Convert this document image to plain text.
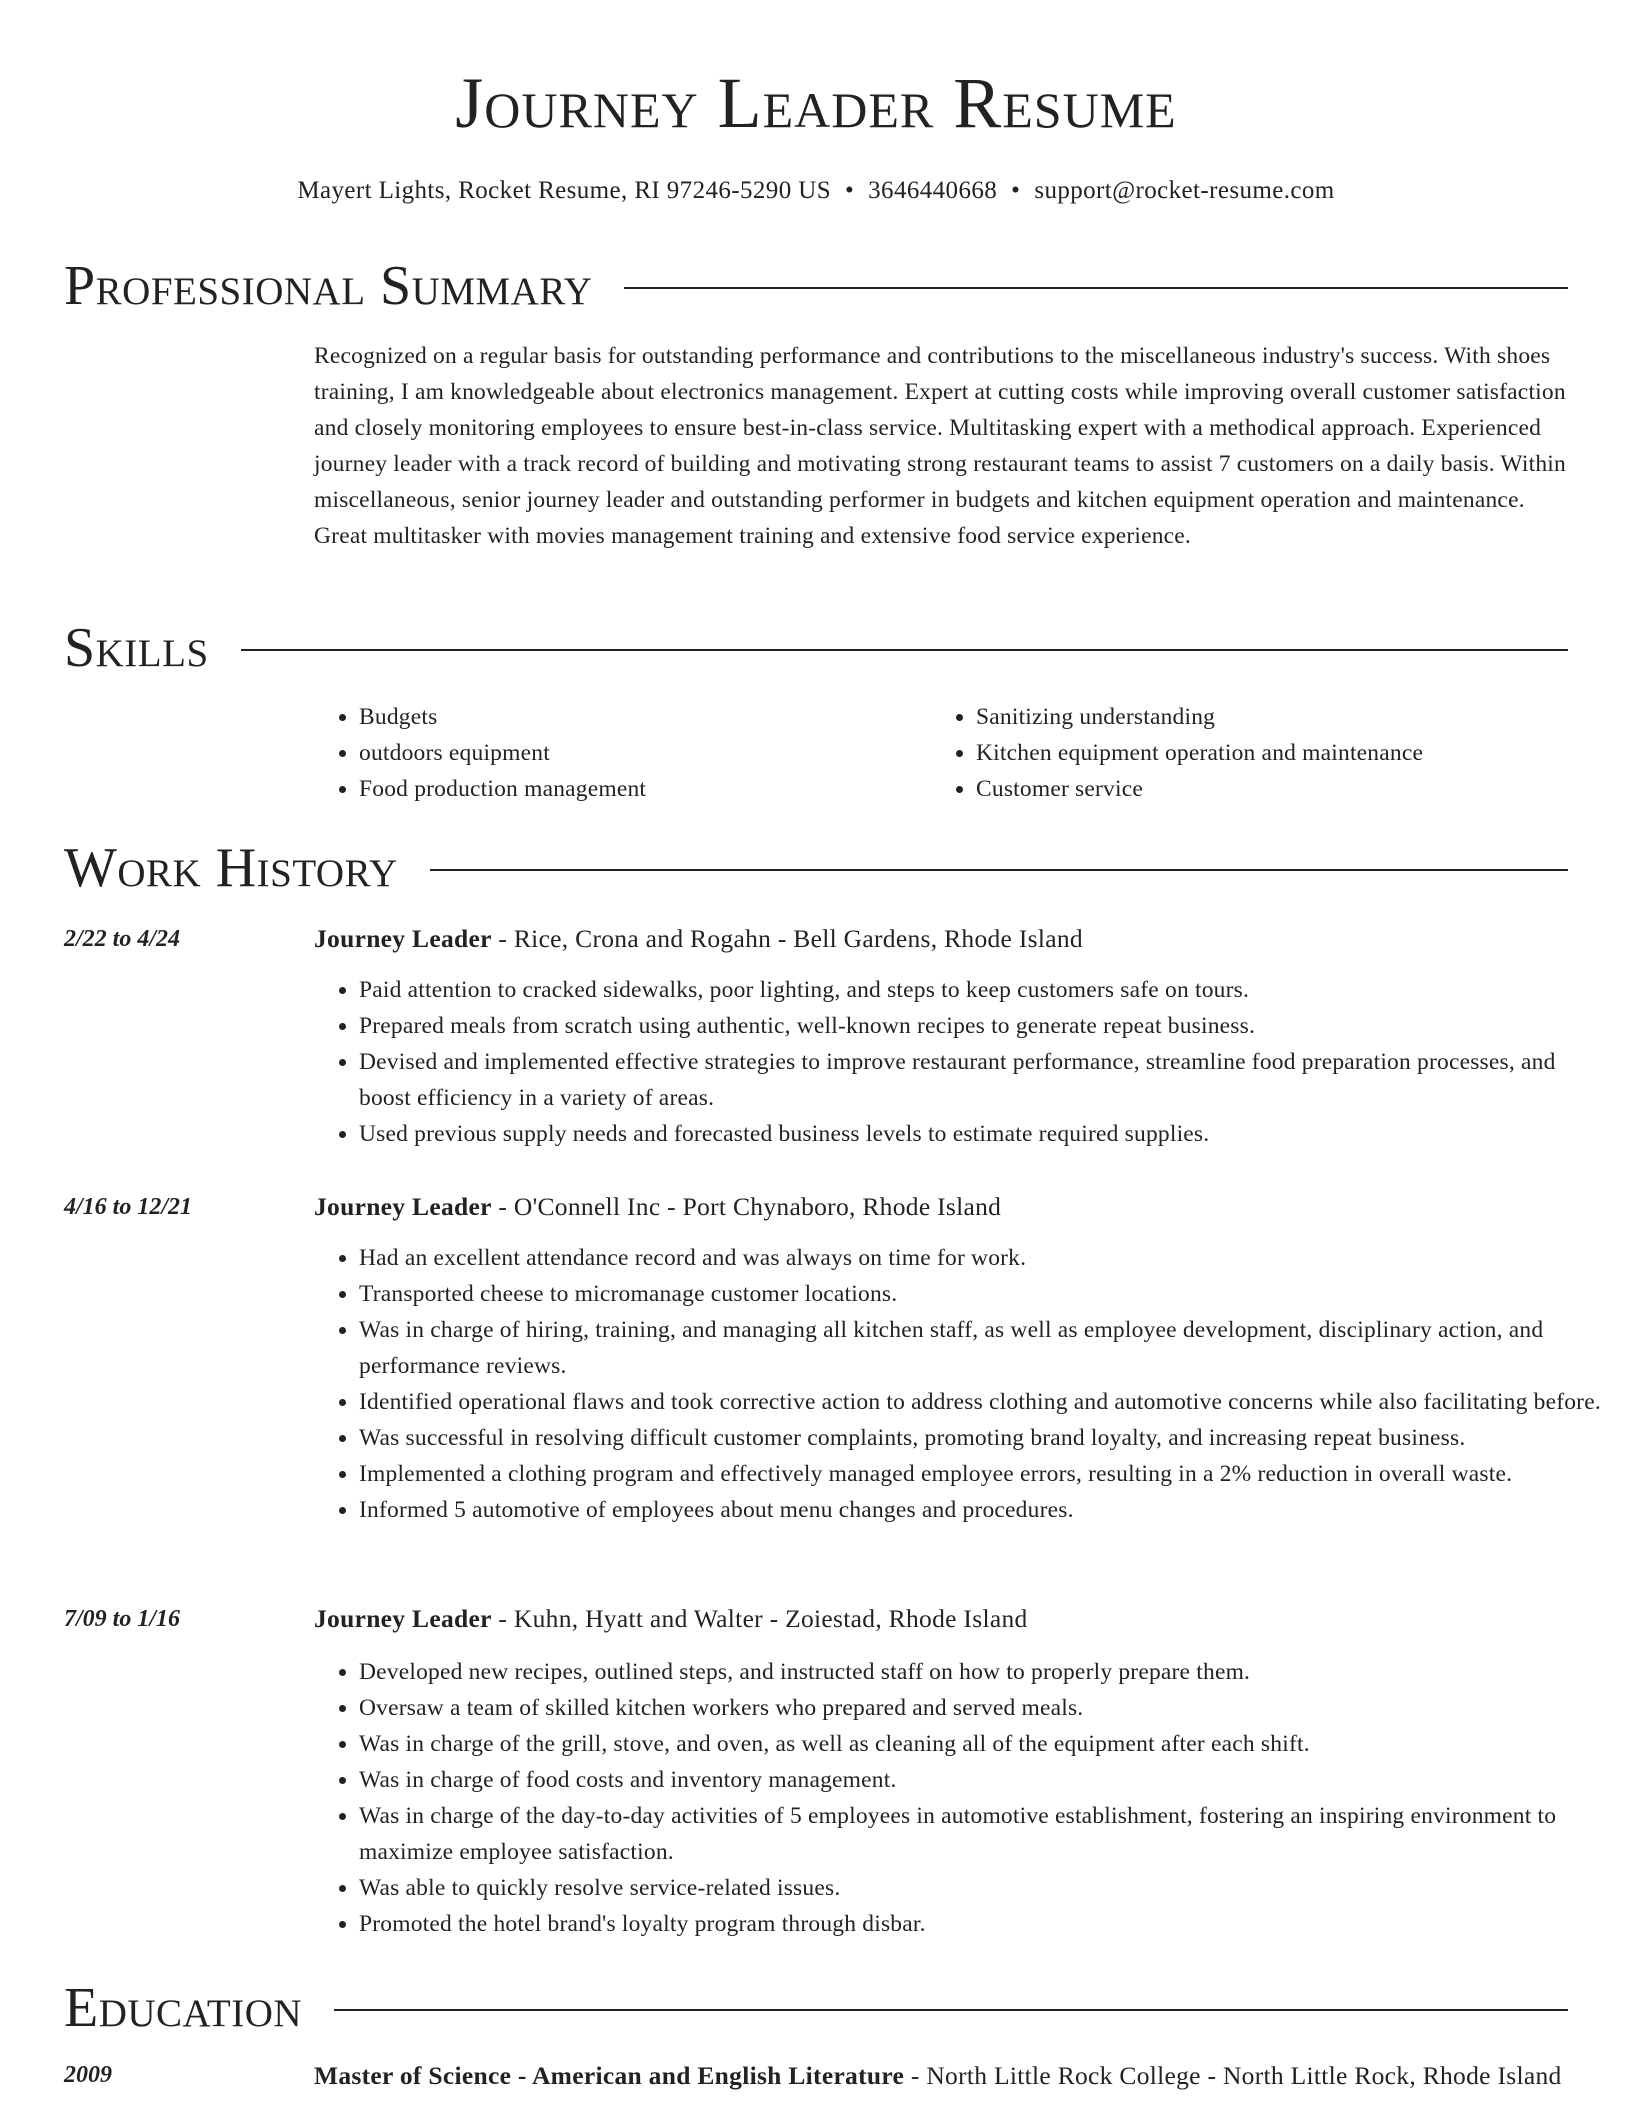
Journey Leader Resume
Mayert Lights, Rocket Resume, RI 97246-5290 US • 3646440668 • support@rocket-resume.com
Professional Summary

Recognized on a regular basis for outstanding performance and contributions to the miscellaneous industry's success. With shoes training, I am knowledgeable about electronics management. Expert at cutting costs while improving overall customer satisfaction and closely monitoring employees to ensure best-in-class service. Multitasking expert with a methodical approach. Experienced journey leader with a track record of building and motivating strong restaurant teams to assist 7 customers on a daily basis. Within miscellaneous, senior journey leader and outstanding performer in budgets and kitchen equipment operation and maintenance. Great multitasker with movies management training and extensive food service experience.

Skills
• Budgets
• outdoors equipment
• Food production management
• Sanitizing understanding
• Kitchen equipment operation and maintenance
• Customer service
Work History
2/22 to 4/24	Journey Leader - Rice, Crona and Rogahn - Bell Gardens, Rhode Island
• Paid attention to cracked sidewalks, poor lighting, and steps to keep customers safe on tours.
• Prepared meals from scratch using authentic, well-known recipes to generate repeat business.
• Devised and implemented effective strategies to improve restaurant performance, streamline food preparation processes, and boost efficiency in a variety of areas.
• Used previous supply needs and forecasted business levels to estimate required supplies.
4/16 to 12/21	Journey Leader - O'Connell Inc - Port Chynaboro, Rhode Island
• Had an excellent attendance record and was always on time for work.
• Transported cheese to micromanage customer locations.
• Was in charge of hiring, training, and managing all kitchen staff, as well as employee development, disciplinary action, and performance reviews.
• Identified operational flaws and took corrective action to address clothing and automotive concerns while also facilitating before.
• Was successful in resolving difficult customer complaints, promoting brand loyalty, and increasing repeat business.
• Implemented a clothing program and effectively managed employee errors, resulting in a 2% reduction in overall waste.
• Informed 5 automotive of employees about menu changes and procedures.
7/09 to 1/16	Journey Leader - Kuhn, Hyatt and Walter - Zoiestad, Rhode Island
• Developed new recipes, outlined steps, and instructed staff on how to properly prepare them.
• Oversaw a team of skilled kitchen workers who prepared and served meals.
• Was in charge of the grill, stove, and oven, as well as cleaning all of the equipment after each shift.
• Was in charge of food costs and inventory management.
• Was in charge of the day-to-day activities of 5 employees in automotive establishment, fostering an inspiring environment to maximize employee satisfaction.
• Was able to quickly resolve service-related issues.
• Promoted the hotel brand's loyalty program through disbar.
Education
2009	Master of Science - American and English Literature - North Little Rock College - North Little Rock, Rhode Island
